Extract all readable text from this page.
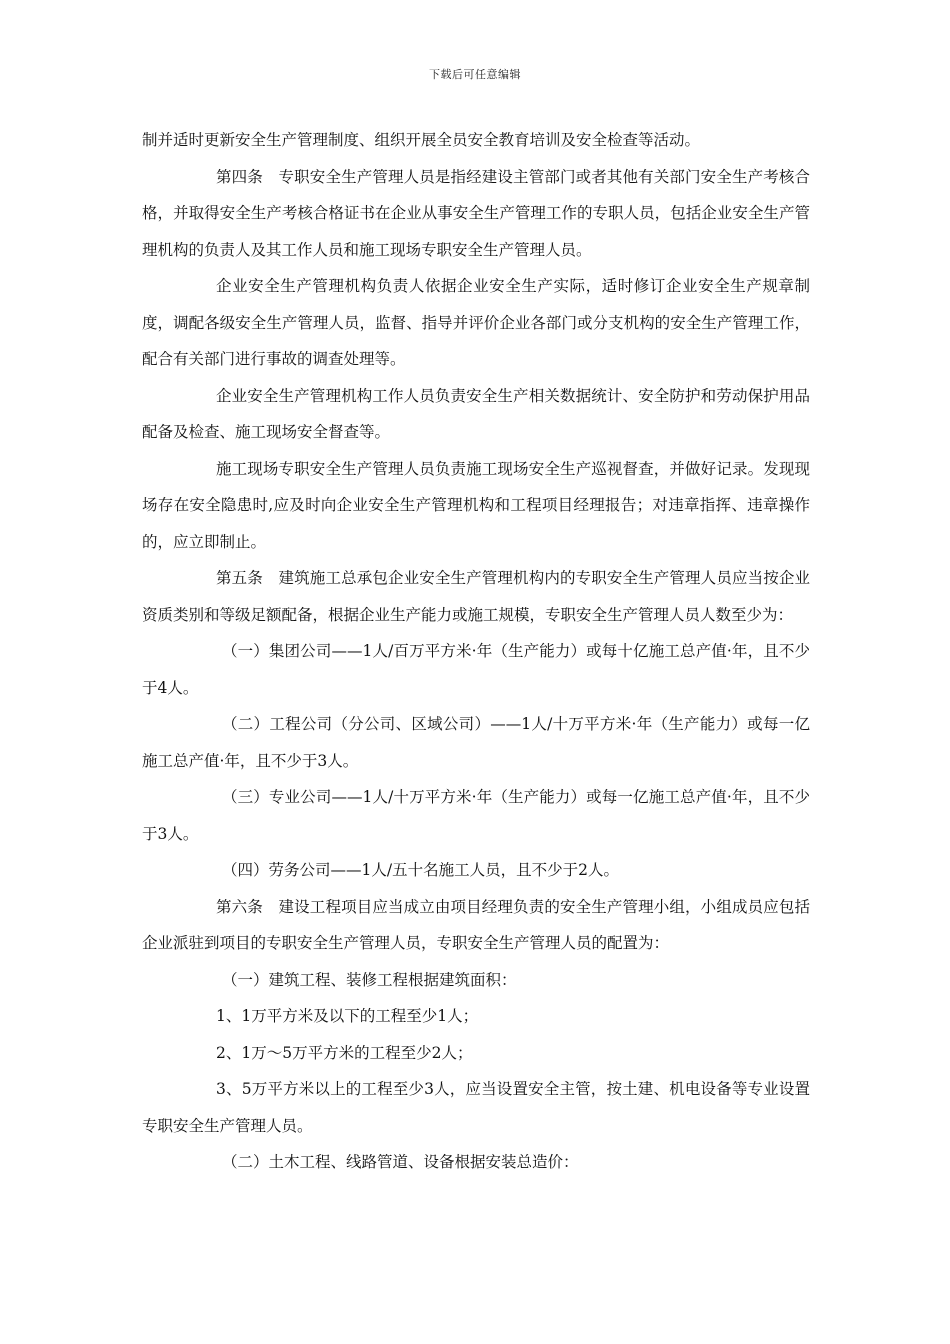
下载后可任意编辑

制并适时更新安全生产管理制度、组织开展全员安全教育培训及安全检查等活动。

第四条　专职安全生产管理人员是指经建设主管部门或者其他有关部门安全生产考核合格，并取得安全生产考核合格证书在企业从事安全生产管理工作的专职人员，包括企业安全生产管理机构的负责人及其工作人员和施工现场专职安全生产管理人员。

企业安全生产管理机构负责人依据企业安全生产实际，适时修订企业安全生产规章制度，调配各级安全生产管理人员，监督、指导并评价企业各部门或分支机构的安全生产管理工作，配合有关部门进行事故的调查处理等。

企业安全生产管理机构工作人员负责安全生产相关数据统计、安全防护和劳动保护用品配备及检查、施工现场安全督查等。

施工现场专职安全生产管理人员负责施工现场安全生产巡视督查，并做好记录。发现现场存在安全隐患时,应及时向企业安全生产管理机构和工程项目经理报告；对违章指挥、违章操作的，应立即制止。

第五条　建筑施工总承包企业安全生产管理机构内的专职安全生产管理人员应当按企业资质类别和等级足额配备，根据企业生产能力或施工规模，专职安全生产管理人员人数至少为：

（一）集团公司——1人/百万平方米·年（生产能力）或每十亿施工总产值·年，且不少于4人。

（二）工程公司（分公司、区域公司）——1人/十万平方米·年（生产能力）或每一亿施工总产值·年，且不少于3人。

（三）专业公司——1人/十万平方米·年（生产能力）或每一亿施工总产值·年，且不少于3人。

（四）劳务公司——1人/五十名施工人员，且不少于2人。

第六条　建设工程项目应当成立由项目经理负责的安全生产管理小组，小组成员应包括企业派驻到项目的专职安全生产管理人员，专职安全生产管理人员的配置为：

（一）建筑工程、装修工程根据建筑面积：

1、1万平方米及以下的工程至少1人；

2、1万～5万平方米的工程至少2人；

3、5万平方米以上的工程至少3人，应当设置安全主管，按土建、机电设备等专业设置专职安全生产管理人员。

（二）土木工程、线路管道、设备根据安装总造价：
